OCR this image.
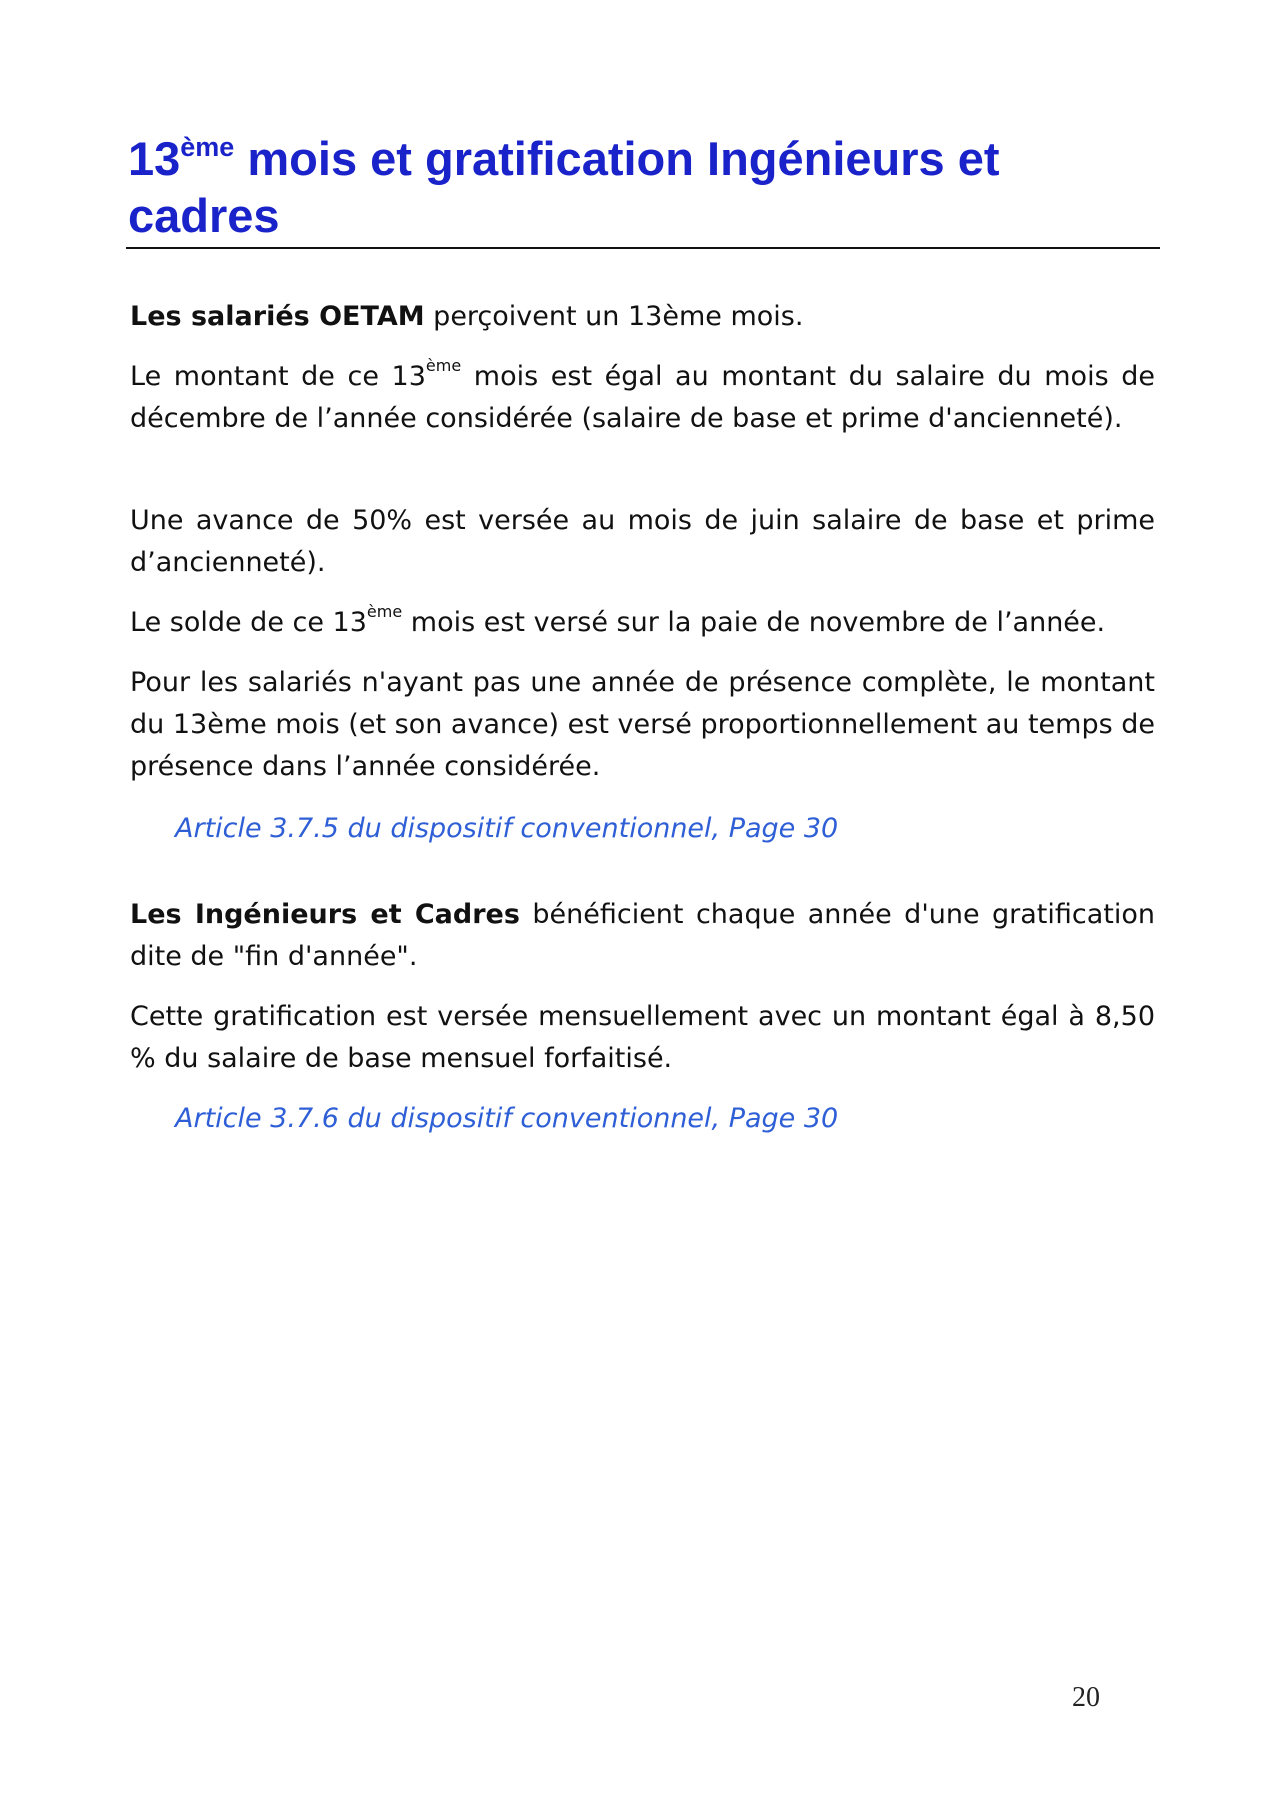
13ème mois et gratification Ingénieurs et cadres

Les salariés OETAM perçoivent un 13ème mois.

Le montant de ce 13ème mois est égal au montant du salaire du mois de décembre de l’année considérée (salaire de base et prime d'ancienneté).

Une avance de 50% est versée au mois de juin salaire de base et prime d’ancienneté).

Le solde de ce 13ème mois est versé sur la paie de novembre de l’année.

Pour les salariés n'ayant pas une année de présence complète, le montant du 13ème mois (et son avance) est versé proportionnellement au temps de présence dans l’année considérée.

Article 3.7.5 du dispositif conventionnel, Page 30

Les Ingénieurs et Cadres bénéficient chaque année d'une gratification dite de "fin d'année".

Cette gratification est versée mensuellement avec un montant égal à 8,50 % du salaire de base mensuel forfaitisé.

Article 3.7.6 du dispositif conventionnel, Page 30

20
